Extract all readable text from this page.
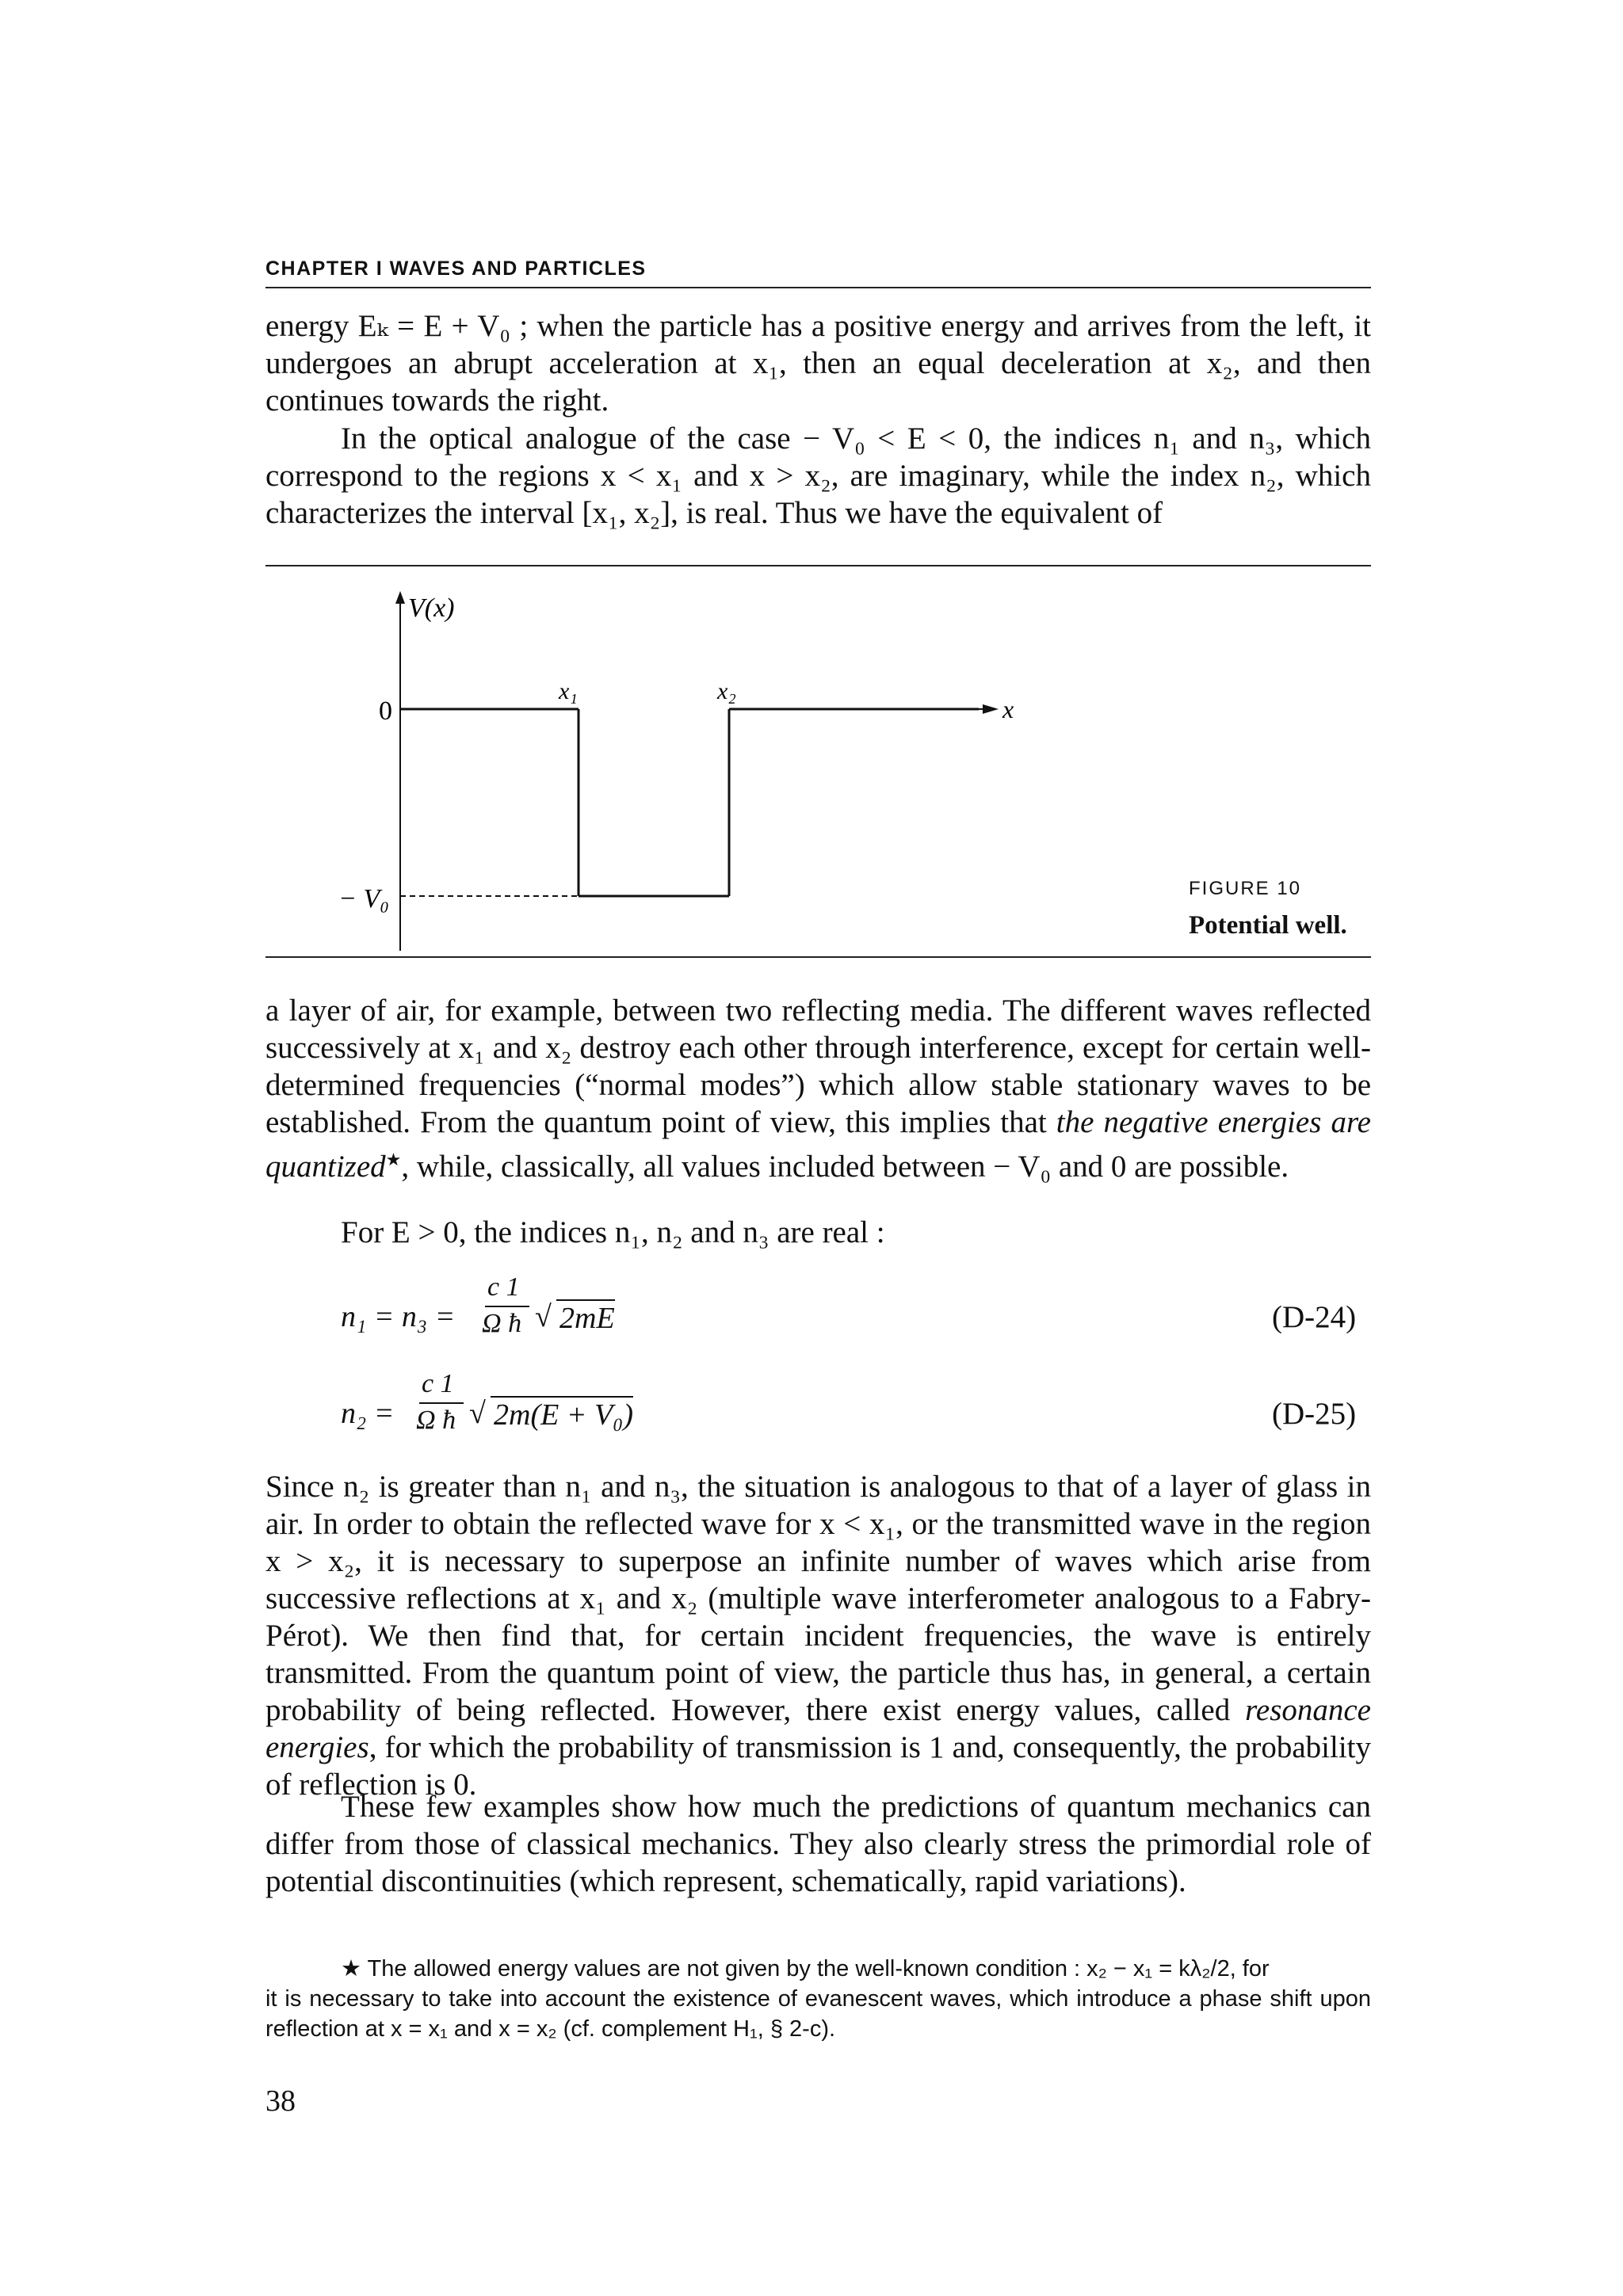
CHAPTER I WAVES AND PARTICLES

energy Eₖ = E + V₀ ; when the particle has a positive energy and arrives from the left, it undergoes an abrupt acceleration at x₁, then an equal deceleration at x₂, and then continues towards the right.

In the optical analogue of the case − V₀ < E < 0, the indices n₁ and n₃, which correspond to the regions x < x₁ and x > x₂, are imaginary, while the index n₂, which characterizes the interval [x₁, x₂], is real. Thus we have the equivalent of

V(x)
x
0
x₁	x₂
− V₀	FIGURE 10
Potential well.

a layer of air, for example, between two reflecting media. The different waves reflected successively at x₁ and x₂ destroy each other through interference, except for certain well-determined frequencies (“normal modes”) which allow stable stationary waves to be established. From the quantum point of view, this implies that the negative energies are quantized★, while, classically, all values included between − V₀ and 0 are possible.

For E > 0, the indices n₁, n₂ and n₃ are real :

n₁ = n₃ =
c 1
Ω ħ √ 2mE	(D-24)
n₂ =
c 1
Ω ħ √ 2m(E + V₀)	(D-25)

Since n₂ is greater than n₁ and n₃, the situation is analogous to that of a layer of glass in air. In order to obtain the reflected wave for x < x₁, or the transmitted wave in the region x > x₂, it is necessary to superpose an infinite number of waves which arise from successive reflections at x₁ and x₂ (multiple wave interferometer analogous to a Fabry-Pérot). We then find that, for certain incident frequencies, the wave is entirely transmitted. From the quantum point of view, the particle thus has, in general, a certain probability of being reflected. However, there exist energy values, called resonance energies, for which the probability of transmission is 1 and, consequently, the probability of reflection is 0.

These few examples show how much the predictions of quantum mechanics can differ from those of classical mechanics. They also clearly stress the primordial role of potential discontinuities (which represent, schematically, rapid variations).

★ The allowed energy values are not given by the well-known condition : x₂ − x₁ = kλ₂/2, for
it is necessary to take into account the existence of evanescent waves, which introduce a phase shift upon reflection at x = x₁ and x = x₂ (cf. complement H₁, § 2-c).

38
